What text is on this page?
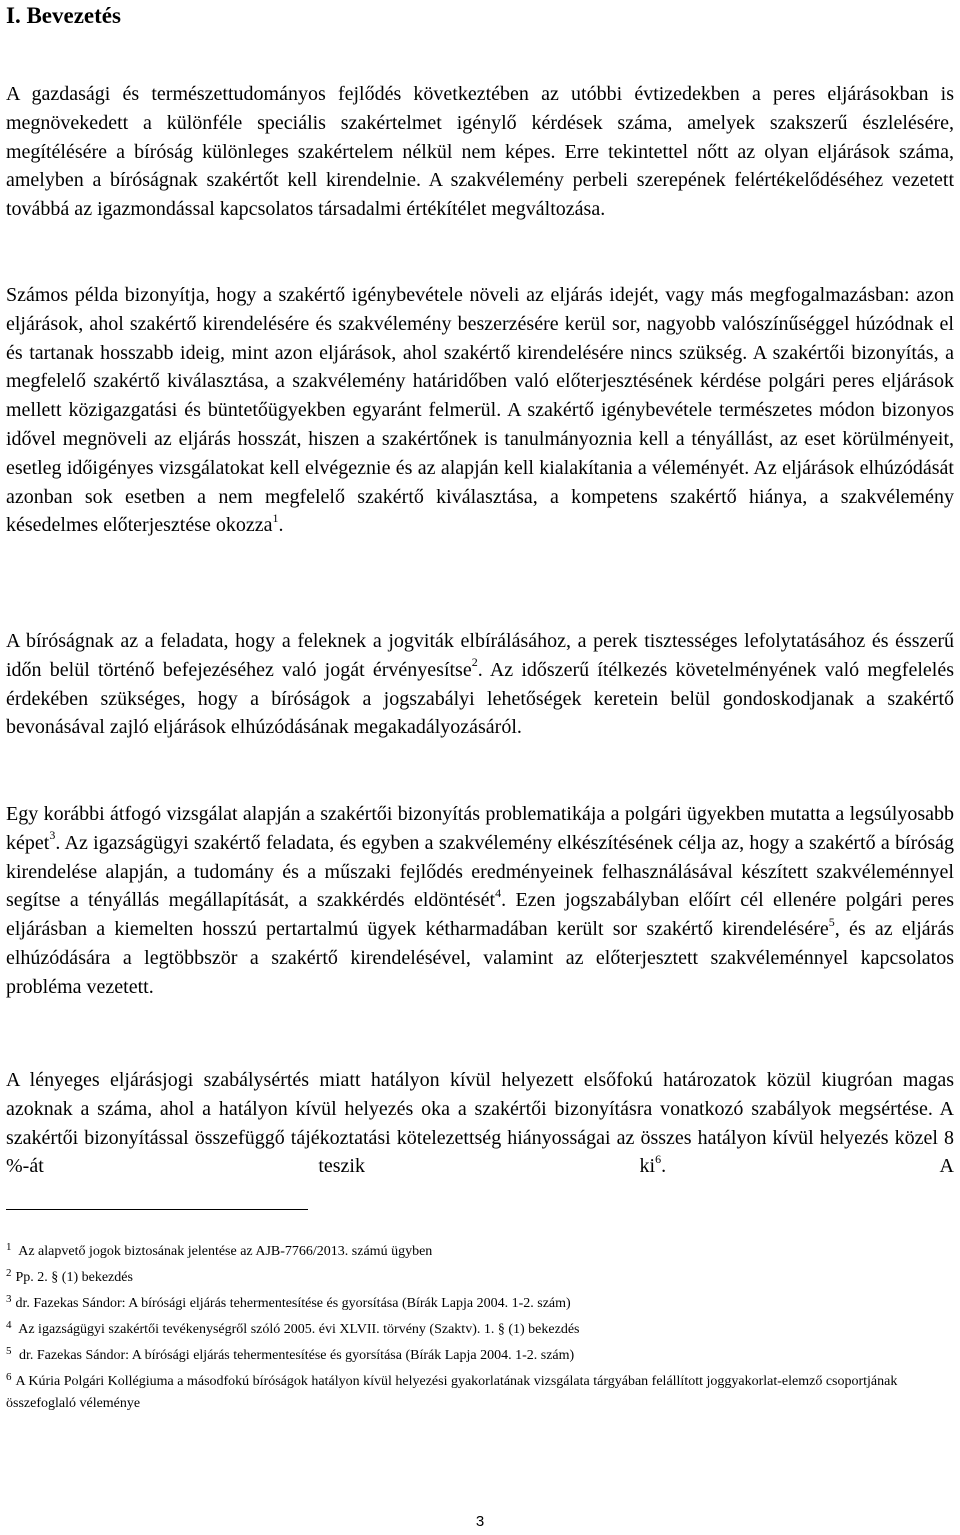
I. Bevezetés

A gazdasági és természettudományos fejlődés következtében az utóbbi évtizedekben a peres eljárásokban is megnövekedett a különféle speciális szakértelmet igénylő kérdések száma, amelyek szakszerű észlelésére, megítélésére a bíróság különleges szakértelem nélkül nem képes. Erre tekintettel nőtt az olyan eljárások száma, amelyben a bíróságnak szakértőt kell kirendelnie. A szakvélemény perbeli szerepének felértékelődéséhez vezetett továbbá az igazmondással kapcsolatos társadalmi értékítélet megváltozása.

Számos példa bizonyítja, hogy a szakértő igénybevétele növeli az eljárás idejét, vagy más megfogalmazásban: azon eljárások, ahol szakértő kirendelésére és szakvélemény beszerzésére kerül sor, nagyobb valószínűséggel húzódnak el és tartanak hosszabb ideig, mint azon eljárások, ahol szakértő kirendelésére nincs szükség. A szakértői bizonyítás, a megfelelő szakértő kiválasztása, a szakvélemény határidőben való előterjesztésének kérdése polgári peres eljárások mellett közigazgatási és büntetőügyekben egyaránt felmerül. A szakértő igénybevétele természetes módon bizonyos idővel megnöveli az eljárás hosszát, hiszen a szakértőnek is tanulmányoznia kell a tényállást, az eset körülményeit, esetleg időigényes vizsgálatokat kell elvégeznie és az alapján kell kialakítania a véleményét. Az eljárások elhúzódását azonban sok esetben a nem megfelelő szakértő kiválasztása, a kompetens szakértő hiánya, a szakvélemény késedelmes előterjesztése okozza$^1$.

A bíróságnak az a feladata, hogy a feleknek a jogviták elbírálásához, a perek tisztességes lefolytatásához és ésszerű időn belül történő befejezéséhez való jogát érvényesítse$^2$. Az időszerű ítélkezés követelményének való megfelelés érdekében szükséges, hogy a bíróságok a jogszabályi lehetőségek keretein belül gondoskodjanak a szakértő bevonásával zajló eljárások elhúzódásának megakadályozásáról.

Egy korábbi átfogó vizsgálat alapján a szakértői bizonyítás problematikája a polgári ügyekben mutatta a legsúlyosabb képet$^3$. Az igazságügyi szakértő feladata, és egyben a szakvélemény elkészítésének célja az, hogy a szakértő a bíróság kirendelése alapján, a tudomány és a műszaki fejlődés eredményeinek felhasználásával készített szakvéleménnyel segítse a tényállás megállapítását, a szakkérdés eldöntését$^4$. Ezen jogszabályban előírt cél ellenére polgári peres eljárásban a kiemelten hosszú pertartalmú ügyek kétharmadában került sor szakértő kirendelésére$^5$, és az eljárás elhúzódására a legtöbbször a szakértő kirendelésével, valamint az előterjesztett szakvéleménnyel kapcsolatos probléma vezetett.

A lényeges eljárásjogi szabálysértés miatt hatályon kívül helyezett elsőfokú határozatok közül kiugróan magas azoknak a száma, ahol a hatályon kívül helyezés oka a szakértői bizonyításra vonatkozó szabályok megsértése. A szakértői bizonyítással összefüggő tájékoztatási kötelezettség hiányosságai az összes hatályon kívül helyezés közel 8 %-át teszik $ki^6$. A

$^1$ Az alapvető jogok biztosának jelentése az AJB-7766/2013. számú ügyben
$^2$ Pp. 2. § (1) bekezdés
$^3$ dr. Fazekas Sándor: A bírósági eljárás tehermentesítése és gyorsítása (Bírák Lapja 2004. 1-2. szám)
$^4$ Az igazságügyi szakértői tevékenységről szóló 2005. évi XLVII. törvény (Szaktv). 1. § (1) bekezdés
$^5$ dr. Fazekas Sándor: A bírósági eljárás tehermentesítése és gyorsítása (Bírák Lapja 2004. 1-2. szám)
$^6$ A Kúria Polgári Kollégiuma a másodfokú bíróságok hatályon kívül helyezési gyakorlatának vizsgálata tárgyában felállított joggyakorlat-elemző csoportjának összefoglaló véleménye
3
